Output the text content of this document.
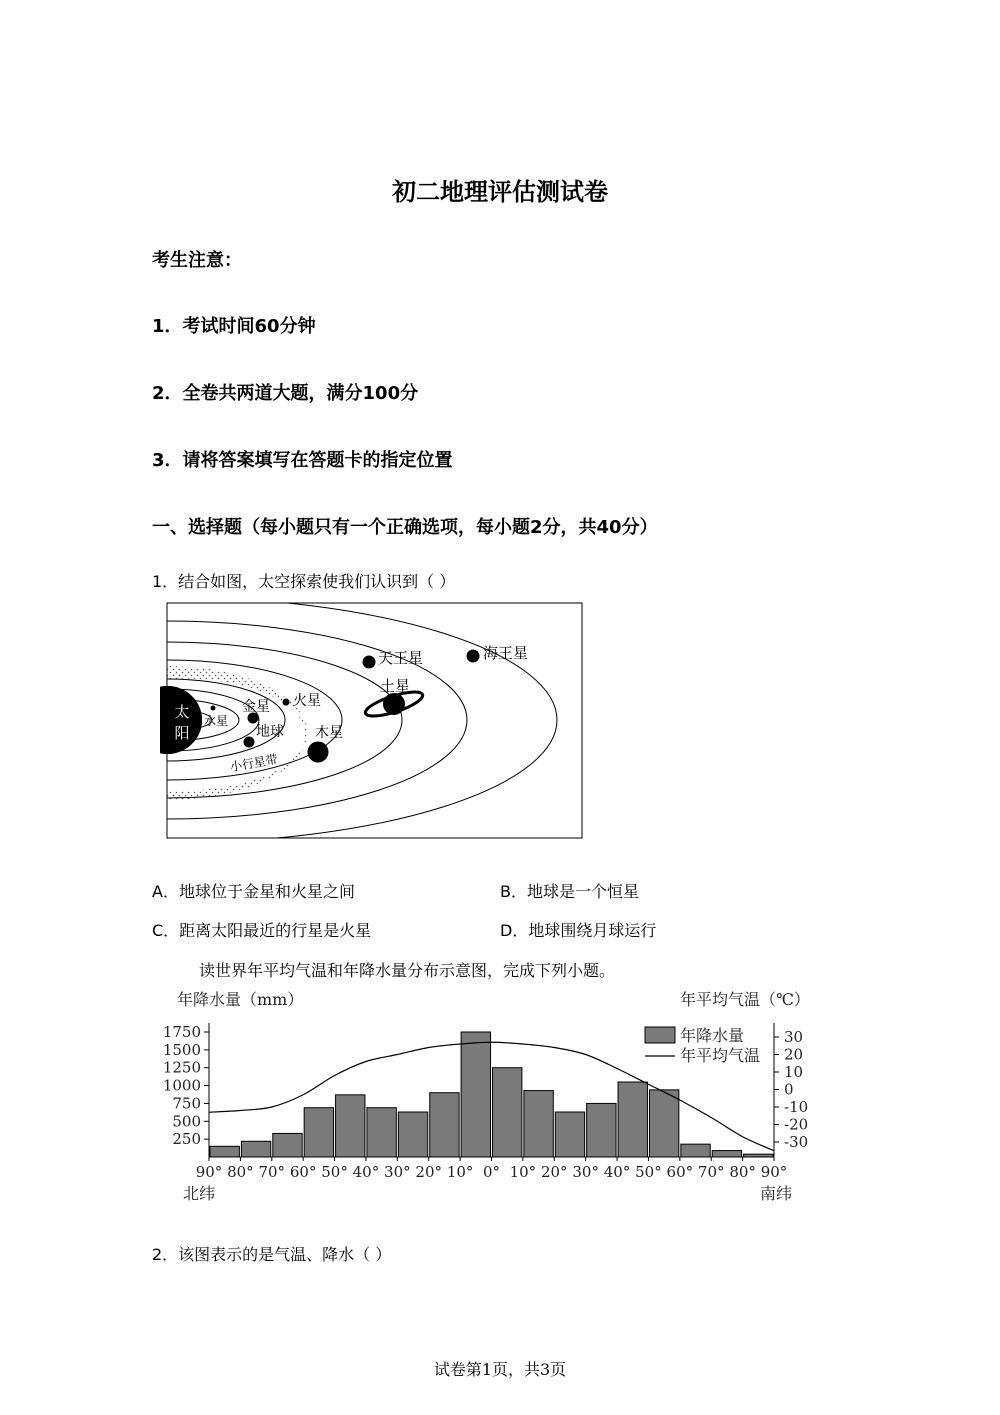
初二地理评估测试卷
考生注意：
1．考试时间60分钟
2．全卷共两道大题，满分100分
3．请将答案填写在答题卡的指定位置
一、选择题（每小题只有一个正确选项，每小题2分，共40分）
1．结合如图，太空探索使我们认识到（ ）
太
阳
水星
金星
地球
火星
木星
小行星带
土星
天王星	海王星
A．地球位于金星和火星之间	B．地球是一个恒星
C．距离太阳最近的行星是火星	D．地球围绕月球运行
读世界年平均气温和年降水量分布示意图，完成下列小题。
年降水量（mm）	年平均气温（℃）
250
500
750
1000
1250
1500
1750
-30
-20
-10
0
10
20
30
90° 80° 70° 60° 50° 40° 30° 20° 10° 0° 10° 20° 30° 40° 50° 60° 70° 80° 90°
北纬	南纬
年降水量
年平均气温
2．该图表示的是气温、降水（ ）
试卷第1页，共3页
